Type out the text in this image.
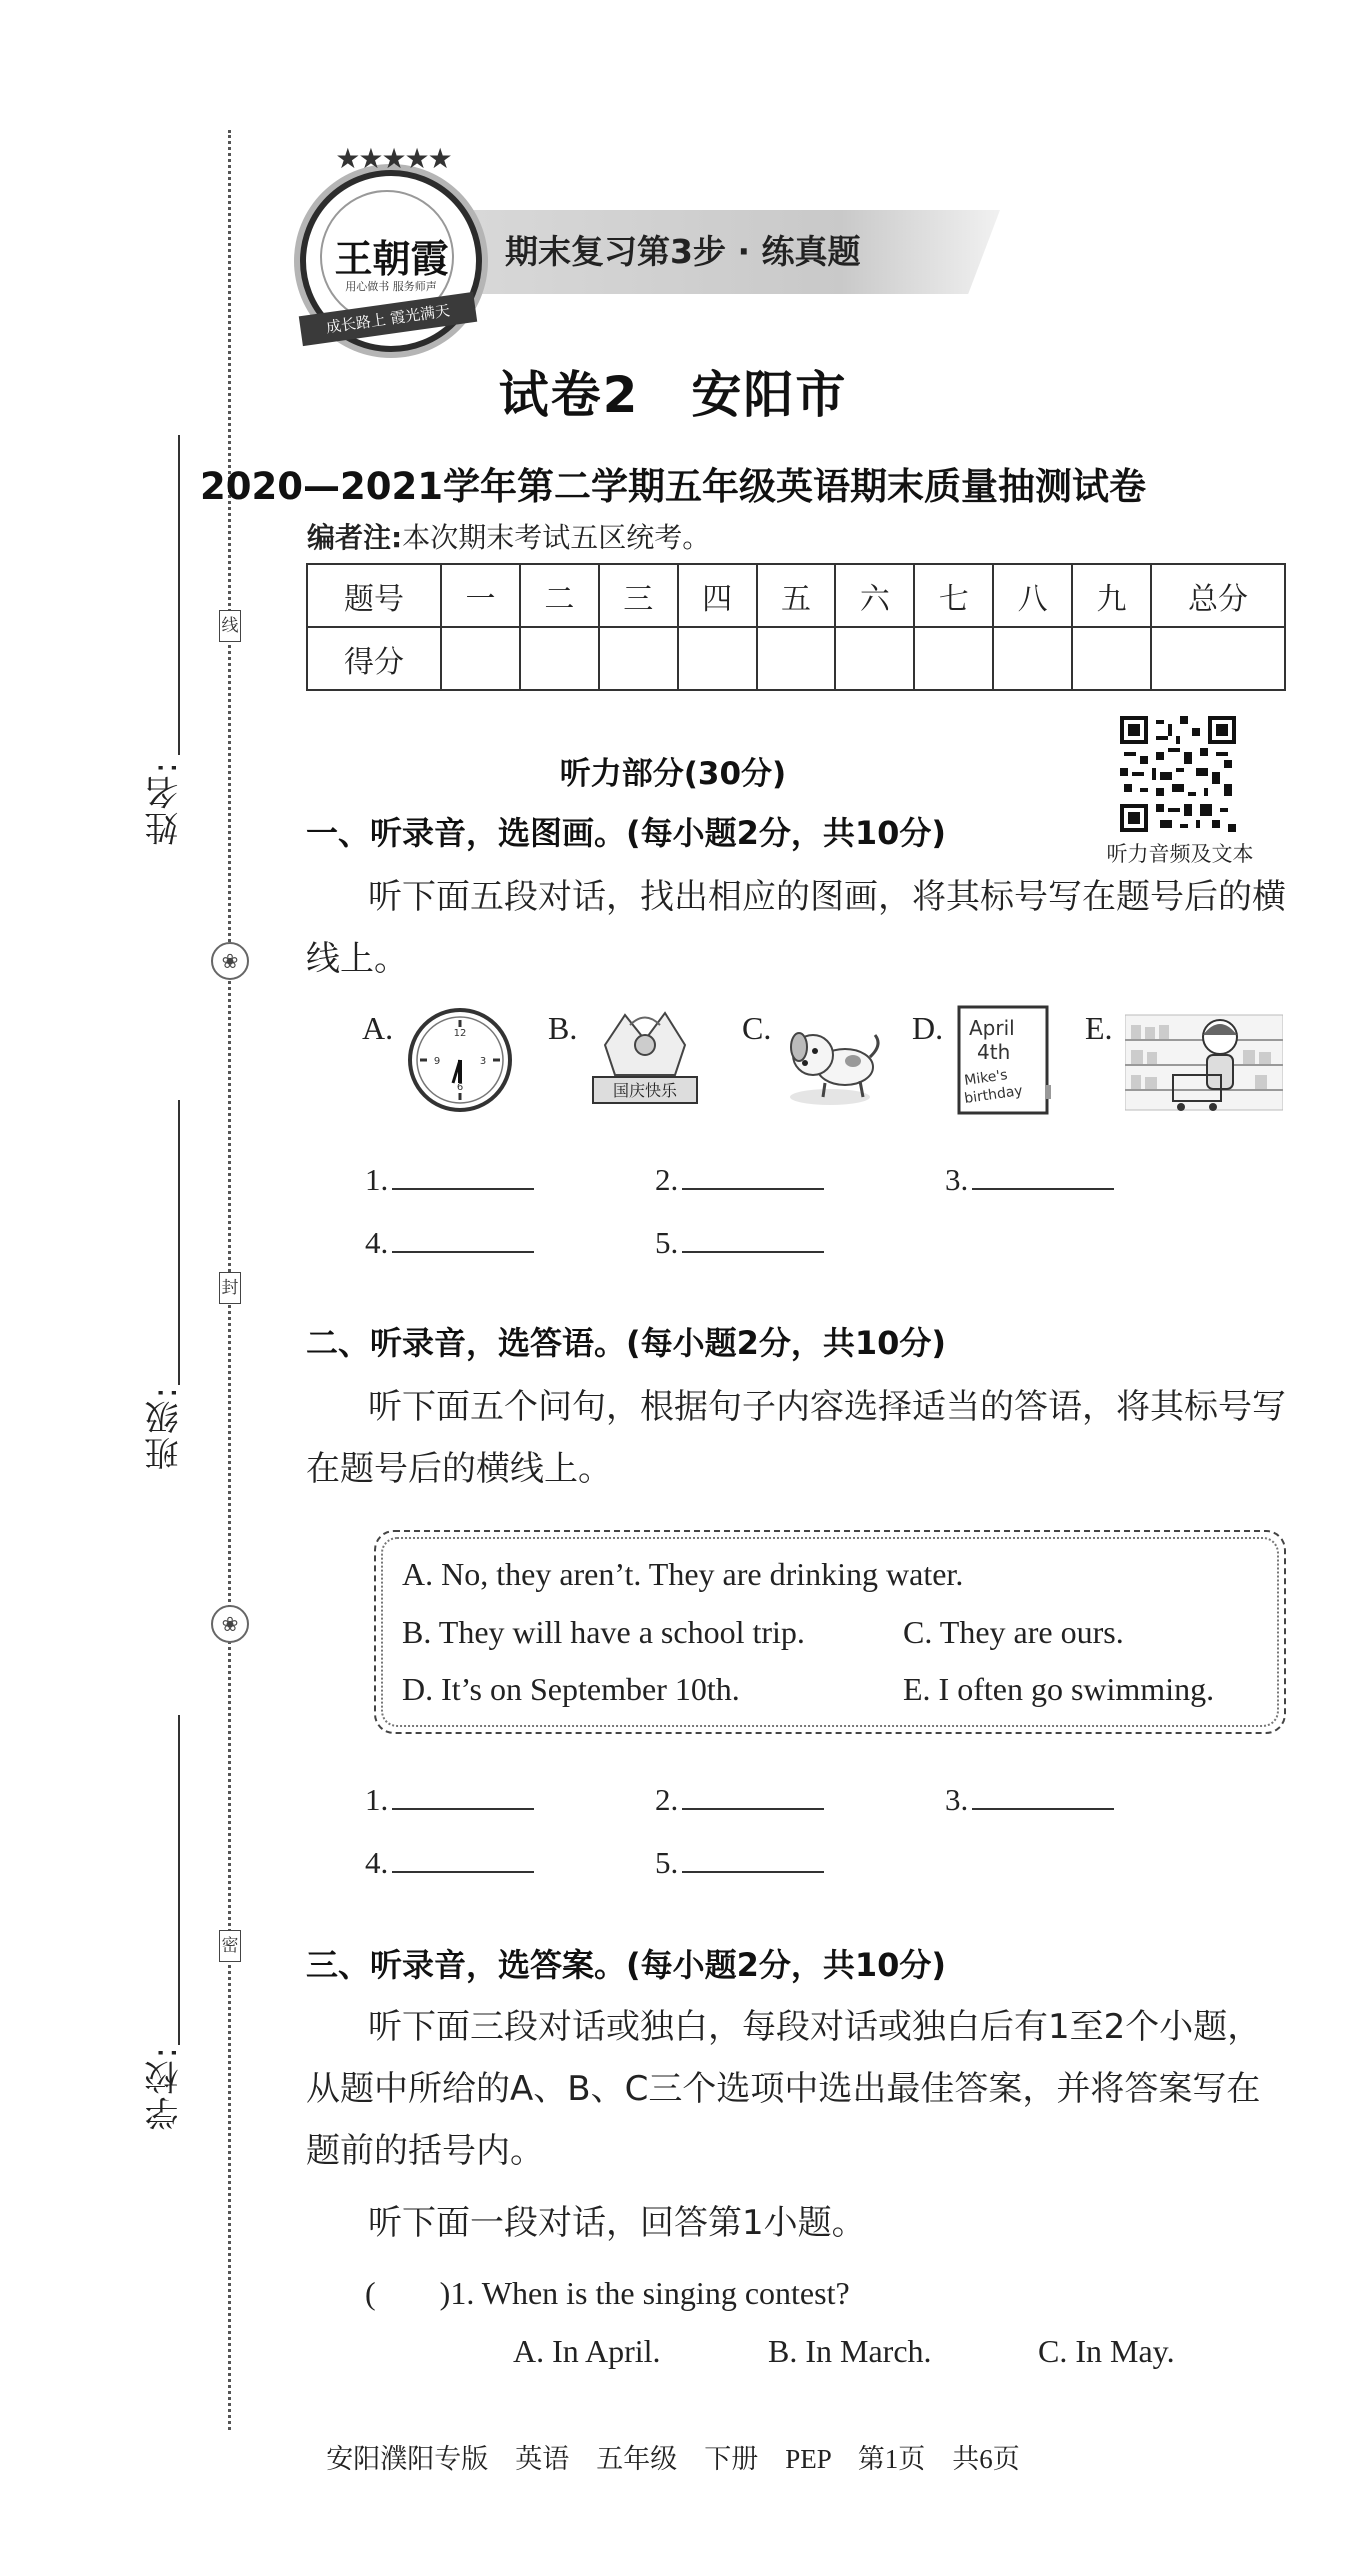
线
封
密
❀
❀
姓名:
班级:
学校:
期末复习第3步 · 练真题
★★★★★
王朝霞
用心做书 服务师声
成长路上 霞光满天
试卷2　安阳市
2020—2021学年第二学期五年级英语期末质量抽测试卷
编者注:本次期末考试五区统考。
题号	一	二	三	四	五	六	七	八	九	总分
得分										
听力音频及文本
听力部分(30分)
一、听录音，选图画。(每小题2分，共10分)
听下面五段对话，找出相应的图画，将其标号写在题号后的横线上。
A.	12
3
6
9
B.
国庆快乐
C.	D. April
4th
Mike's
birthday
E.
1.	2.	3.
4.	5.
二、听录音，选答语。(每小题2分，共10分)
听下面五个问句，根据句子内容选择适当的答语，将其标号写在题号后的横线上。
A. No, they aren’t. They are drinking water.
B. They will have a school trip.	C. They are ours.
D. It’s on September 10th.	E. I often go swimming.
1.	2.	3.
4.	5.
三、听录音，选答案。(每小题2分，共10分)
听下面三段对话或独白，每段对话或独白后有1至2个小题，从题中所给的A、B、C三个选项中选出最佳答案，并将答案写在题前的括号内。
听下面一段对话，回答第1小题。
(　　)1. When is the singing contest?
A. In April.	B. In March.	C. In May.
安阳濮阳专版　英语　五年级　下册　PEP　第1页　共6页
